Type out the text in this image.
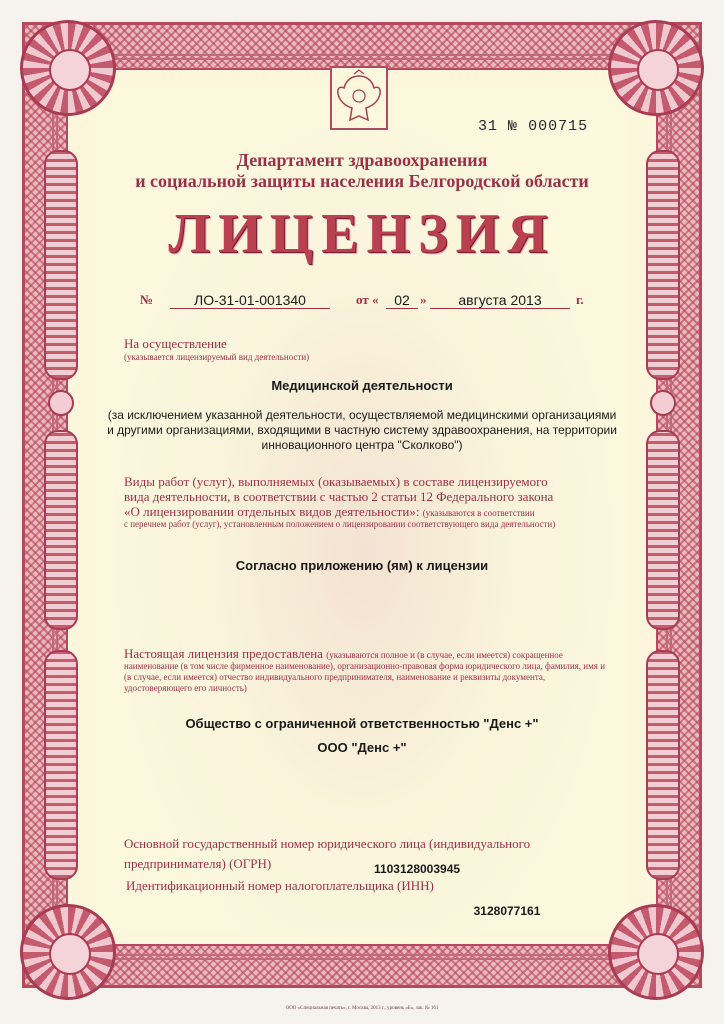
31 № 000715
Департамент здравоохранения
и социальной защиты населения Белгородской области
ЛИЦЕНЗИЯ
№	ЛО-31-01-001340	от «	02 »	августа 2013	г.
На осуществление
(указывается лицензируемый вид деятельности)
Медицинской деятельности
(за исключением указанной деятельности, осуществляемой медицинскими организациями и другими организациями, входящими в частную систему здравоохранения, на территории инновационного центра "Сколково")
Виды работ (услуг), выполняемых (оказываемых) в составе лицензируемого
вида деятельности, в соответствии с частью 2 статьи 12 Федерального закона
«О лицензировании отдельных видов деятельности»: (указываются в соответствии
с перечнем работ (услуг), установленным положением о лицензировании соответствующего вида деятельности)
Согласно приложению (ям) к лицензии
Настоящая лицензия предоставлена (указываются полное и (в случае, если имеется) сокращенное
наименование (в том числе фирменное наименование), организационно-правовая форма юридического лица, фамилия, имя и (в случае, если имеется) отчество индивидуального предпринимателя, наименование и реквизиты документа, удостоверяющего его личность)
Общество с ограниченной ответственностью "Денс +"
ООО "Денс +"
Основной государственный номер юридического лица (индивидуального
предпринимателя) (ОГРН)	1103128003945
Идентификационный номер налогоплательщика (ИНН)
3128077161
ООО «Специальная печать», г. Москва, 2013 г., уровень «Б», зак. № 161
